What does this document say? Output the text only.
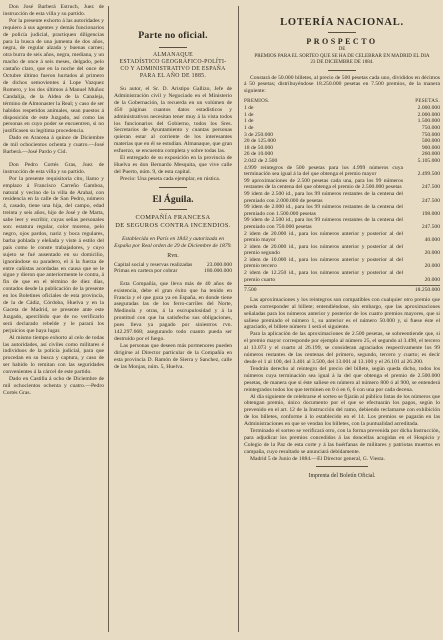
Don José Barberá Estruch, Juez de instrucción de esta villa y su partido.

Por la presente exhorto á las autoridades y requiero á sus agentes y demás funcionarios de policía judicial, practiquen diligencias para la busca de una jumenta de dos años, negra, de regular alzada y buenas carnes; otra burra de seis años, negra, mediana, y un macho de once á seis meses, delgado, pelo castaño claro, que en la noche del once de Octubre último fueron hurtados al primero de dichos semovientes á Lope Vazquez Romero, y los dos últimos á Manuel Muñoz Candalija, de la Aldea de la Canaleja, término de Almonaster la Real; y caso de ser habidos respetidos animales, sean puestos á disposición de este Juzgado, así como las personas en cuyo poder se encuentren, si no justificasen su legítima procedencia.

Dado en Aracena á quince de Diciembre de mil ochocientos ochenta y cuatro.—José Barberá.—José Pardo y Cid.

Don Pedro Cortés Gras, Juez de instrucción de esta villa y su partido.

Por la presente requisitoria cito, llamo y emplazo á Francisco Carreño Gamboa, natural y vecino de la villa de Arahal, con residencia en la calle de San Pedro, número 4, casado, tiene una hija, del campo, edad treinta y seis años, hijo de José y de Marta, sabe leer y escribir, cuyas señas personales son: estatura regular, color moreno, pelo negro, ojos pardos, nariz y boca regulares, barba poblada y eleñada y viste á estilo del país como le conste trabajadores, y cuyo sujeto se fué ausentado en su domicilio, ignorándose su paradero, el á la fuerza de entre cañistas acordadas en causa que se le sigue y dieron que anteriormente le contra, á fin de que en el término de diez días, contados desde la publicación de la presente en los Boletines oficiales de esta provincia, de la de Cádiz, Córdoba, Huelva y en la Gaceta de Madrid, se presente ante este Juzgado, apercibido que de no verificarlo será declarado rebelde y le parará los perjuicios que haya lugar.

Al mismo tiempo exhorto al celo de todas las autoridades, así civiles como militares é individuos de la policía judicial, para que procedan en su busca y captura, y caso de ser habido lo remitan con las seguridades convenientes á la cárcel de este partido.

Dado en Castilla á ocho de Diciembre de mil ochocientos ochenta y cuatro.—Pedro Cortés Gras.

Parte no oficial.
ALMANAQUE
ESTADÍSTICO GEOGRÁFICO-POLÍTI-
CO Y ADMINISTRATIVO DE ESPAÑA
PARA EL AÑO DE 1885.

Su autor, el Sr. D. Aristipo Gallizo, Jefe de Administración civil y Negociado en el Ministerio de la Gobernación, la recuerda en un volúmen de 450 páginas cuantos datos estadísticos y administrativos necesitan tener muy á la vista todos los funcionarios del Gobierno, todos los Sres. Secretarios de Ayuntamiento y cuantas personas quieran estar al corriente de los interesantes materias que en él se estudian. Almanaque, que gran esfuerzo, se encuentra completa y sobre todas las.

El entregado de su exposición en la provincia de Huelva es don Bernardo Mesquita, que vive calle del Puerto, núm. 9, de esta capital.

Precio: Una peseta cada ejemplar, en rústica.

El Águila.
COMPAÑÍA FRANCESA
DE SEGUROS CONTRA INCENDIOS.

Establecida en París en 1843 y autorizada en España por Real orden de 29 de Diciembre de 1879.

Rvn.
Capital social y reservas realizadas	23.000.000
Primas en cartera por cobrar	180.000.000

Esta Compañía, que lleva más de 40 años de existencia, debe el gran éxito que ha tenido en Francia y el que goza ya en España, en donde tiene aseguradas las de los ferro-carriles del Norte, Medinola y otras, á la escrupulosidad y á la prontitud con que ha satisfecho sus obligaciones, pues lleva ya pagado por siniestros rvn. 142.297.668; asegurando todo cuanto pueda ser destruido por el fuego.

Las personas que deseen más pormenores pueden dirigirse al Director particular de la Compañía en esta provincia D. Ramón de Sierra y Sanchez, calle de las Monjas, núm. 5, Huelva.

LOTERÍA NACIONAL.
PROSPECTO
DE
PREMIOS PARA EL SORTEO QUE SE HA DE CELEBRAR EN MADRID EL DIA
23 DE DICIEMBRE DE 1884.

Constará de 50.000 billetes, al precio de 500 pesetas cada uno, divididos en décimos á 50 pesetas; distribuyéndose 18.250.000 pesetas en 7.500 premios, de la manera siguiente:

PREMIOS.	PESETAS.
1 de	2.000.000
1 de	2.000.000
1 de	1.500.000
1 de	750.000
3 de 250.000	750.000
20 de 125.000	500.000
18 de 50.000	900.000
26 de 10.000	260.000
2.042 de 2.500	5.105.000
4.999 reintegros de 500 pesetas para los 4.999 números cuya terminación sea igual á la del que obtenga el premio mayor	2.499.500
99 aproximaciones de 2.500 pesetas cada una, para los 99 números restantes de la centena del que obtenga el premio de 2.500.000 pesetas	247.500
99 idem de 2.500 id., para los 99 números restantes de la centena del premiado con 2.000.000 de pesetas	247.500
99 idem de 2.000 id., para los 99 números restantes de la centena del premiado con 1.500.000 pesetas	198.000
99 idem de 2.500 id., para los 99 números restantes de la centena del premiado con 750.000 pesetas	247.500
2 idem de 20.000 id., para los números anterior y posterior al del premio mayor	40.000
2 idem de 20.000 id., para los números anterior y posterior al del premio segundo	20.000
2 idem de 10.000 id., para los números anterior y posterior al del premio tercero	20.000
2 idem de 12.250 id., para los números anterior y posterior al del premio cuarto	20.000
7.500	18.250.000

Las aproximaciones y los reintegros son compatibles con cualquier otro premio que pueda corresponder al billete; entendiéndose, sin embargo, que las aproximaciones señaladas para los números anterior y posterior de los cuatro premios mayores, que si saliese premiado el número 1, su anterior es el número 50.000 y, si fuese éste el agraciado, el billete número 1 será el siguiente.

Para la aplicación de las aproximaciones de 2.500 pesetas, se sobreentiende que, si el premio mayor corresponde por ejemplo al número 25, el segundo al 3.498, el tercero al 13.073 y el cuarto al 26.199, se consideran agraciados respectivamente los 99 números restantes de las centenas del primero, segundo, tercero y cuarto; es decir desde el 1 al 100, del 3.401 al 3.500, del 13.001 al 13.100 y el 26.101 al 26.200.

Tendrán derecho al reintegro del precio del billete, según queda dicho, todos los números cuya terminación sea igual á la del que obtenga el premio de 2.500.000 pesetas, de manera que si éste saliese en número al número 800 ó al 900, se entenderá reintegrados todos los que terminen en 0 ó en 6, 6 con una por cada decena.

Al día siguiente de celebrarse el sorteo se fijarán al público listas de los números que obtengan premio, único documento por el que se efectuarán los pagos, según lo prevenido en el art. 12 de la Instrucción del ramo, debiendo reclamarse con exhibición de los billetes, conforme á lo establecido en el 14. Los premios se pagarán en las Administraciones en que se vendan los billetes, con la puntualidad acreditada.

Terminado el sorteo se verificará otro, con la forma prevenida por dicha Instrucción, para adjudicar los premios concedidos á las doncellas acogidas en el Hospicio y Colegio de la Paz de esta corte y á las huérfanas de militares y patriotas muertos en campaña, cuyo resultado se anunciará debidamente.

Madrid 5 de Junio de 1884.—El Director general, G. Viesta.

Imprenta del Boletín Oficial.
